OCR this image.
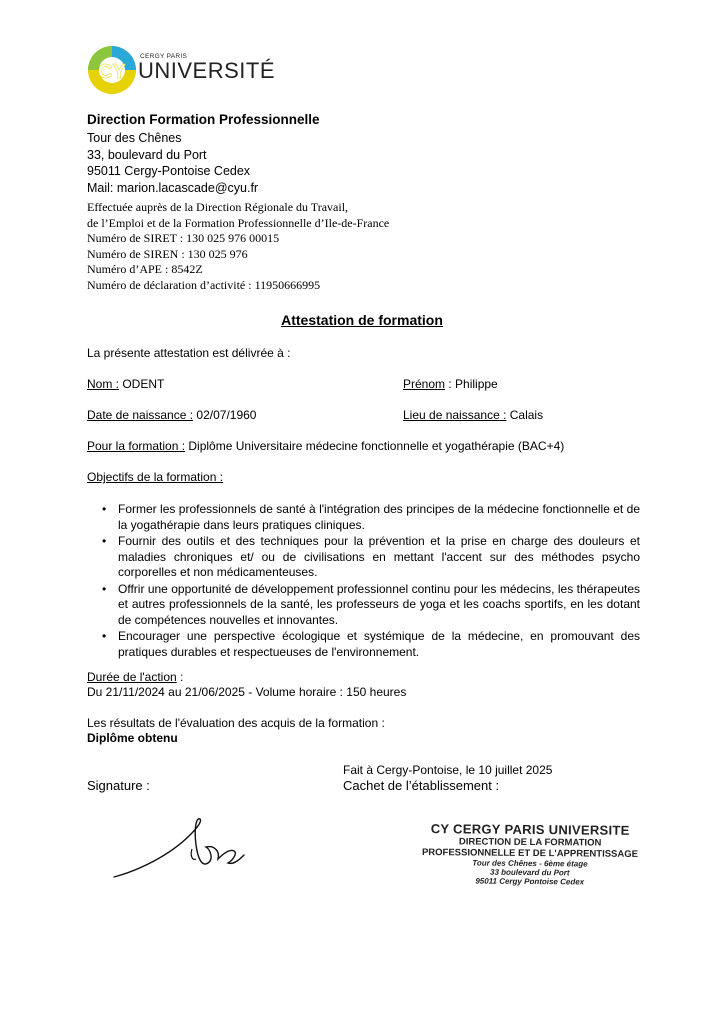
CY
CERGY PARIS
UNIVERSITÉ
Direction Formation Professionnelle
Tour des Chênes
33, boulevard du Port
95011 Cergy-Pontoise Cedex
Mail: marion.lacascade@cyu.fr
Effectuée auprès de la Direction Régionale du Travail,
de l’Emploi et de la Formation Professionnelle d’Ile-de-France
Numéro de SIRET : 130 025 976 00015
Numéro de SIREN : 130 025 976
Numéro d’APE : 8542Z
Numéro de déclaration d’activité : 11950666995
Attestation de formation
La présente attestation est délivrée à :
Nom : ODENT	Prénom : Philippe
Date de naissance : 02/07/1960	Lieu de naissance : Calais
Pour la formation : Diplôme Universitaire médecine fonctionnelle et yogathérapie (BAC+4)
Objectifs de la formation :
• Former les professionnels de santé à l'intégration des principes de la médecine fonctionnelle et de la yogathérapie dans leurs pratiques cliniques.
• Fournir des outils et des techniques pour la prévention et la prise en charge des douleurs et maladies chroniques et/ ou de civilisations en mettant l'accent sur des méthodes psycho corporelles et non médicamenteuses.
• Offrir une opportunité de développement professionnel continu pour les médecins, les thérapeutes et autres professionnels de la santé, les professeurs de yoga et les coachs sportifs, en les dotant de compétences nouvelles et innovantes.
• Encourager une perspective écologique et systémique de la médecine, en promouvant des pratiques durables et respectueuses de l'environnement.
Durée de l'action :
Du 21/11/2024 au 21/06/2025 - Volume horaire : 150 heures
Les résultats de l'évaluation des acquis de la formation :
Diplôme obtenu
Fait à Cergy-Pontoise, le 10 juillet 2025
Signature :	Cachet de l’établissement :
CY CERGY PARIS UNIVERSITE
DIRECTION DE LA FORMATION
PROFESSIONNELLE ET DE L'APPRENTISSAGE
Tour des Chênes - 6ème étage
33 boulevard du Port
95011 Cergy Pontoise Cedex
